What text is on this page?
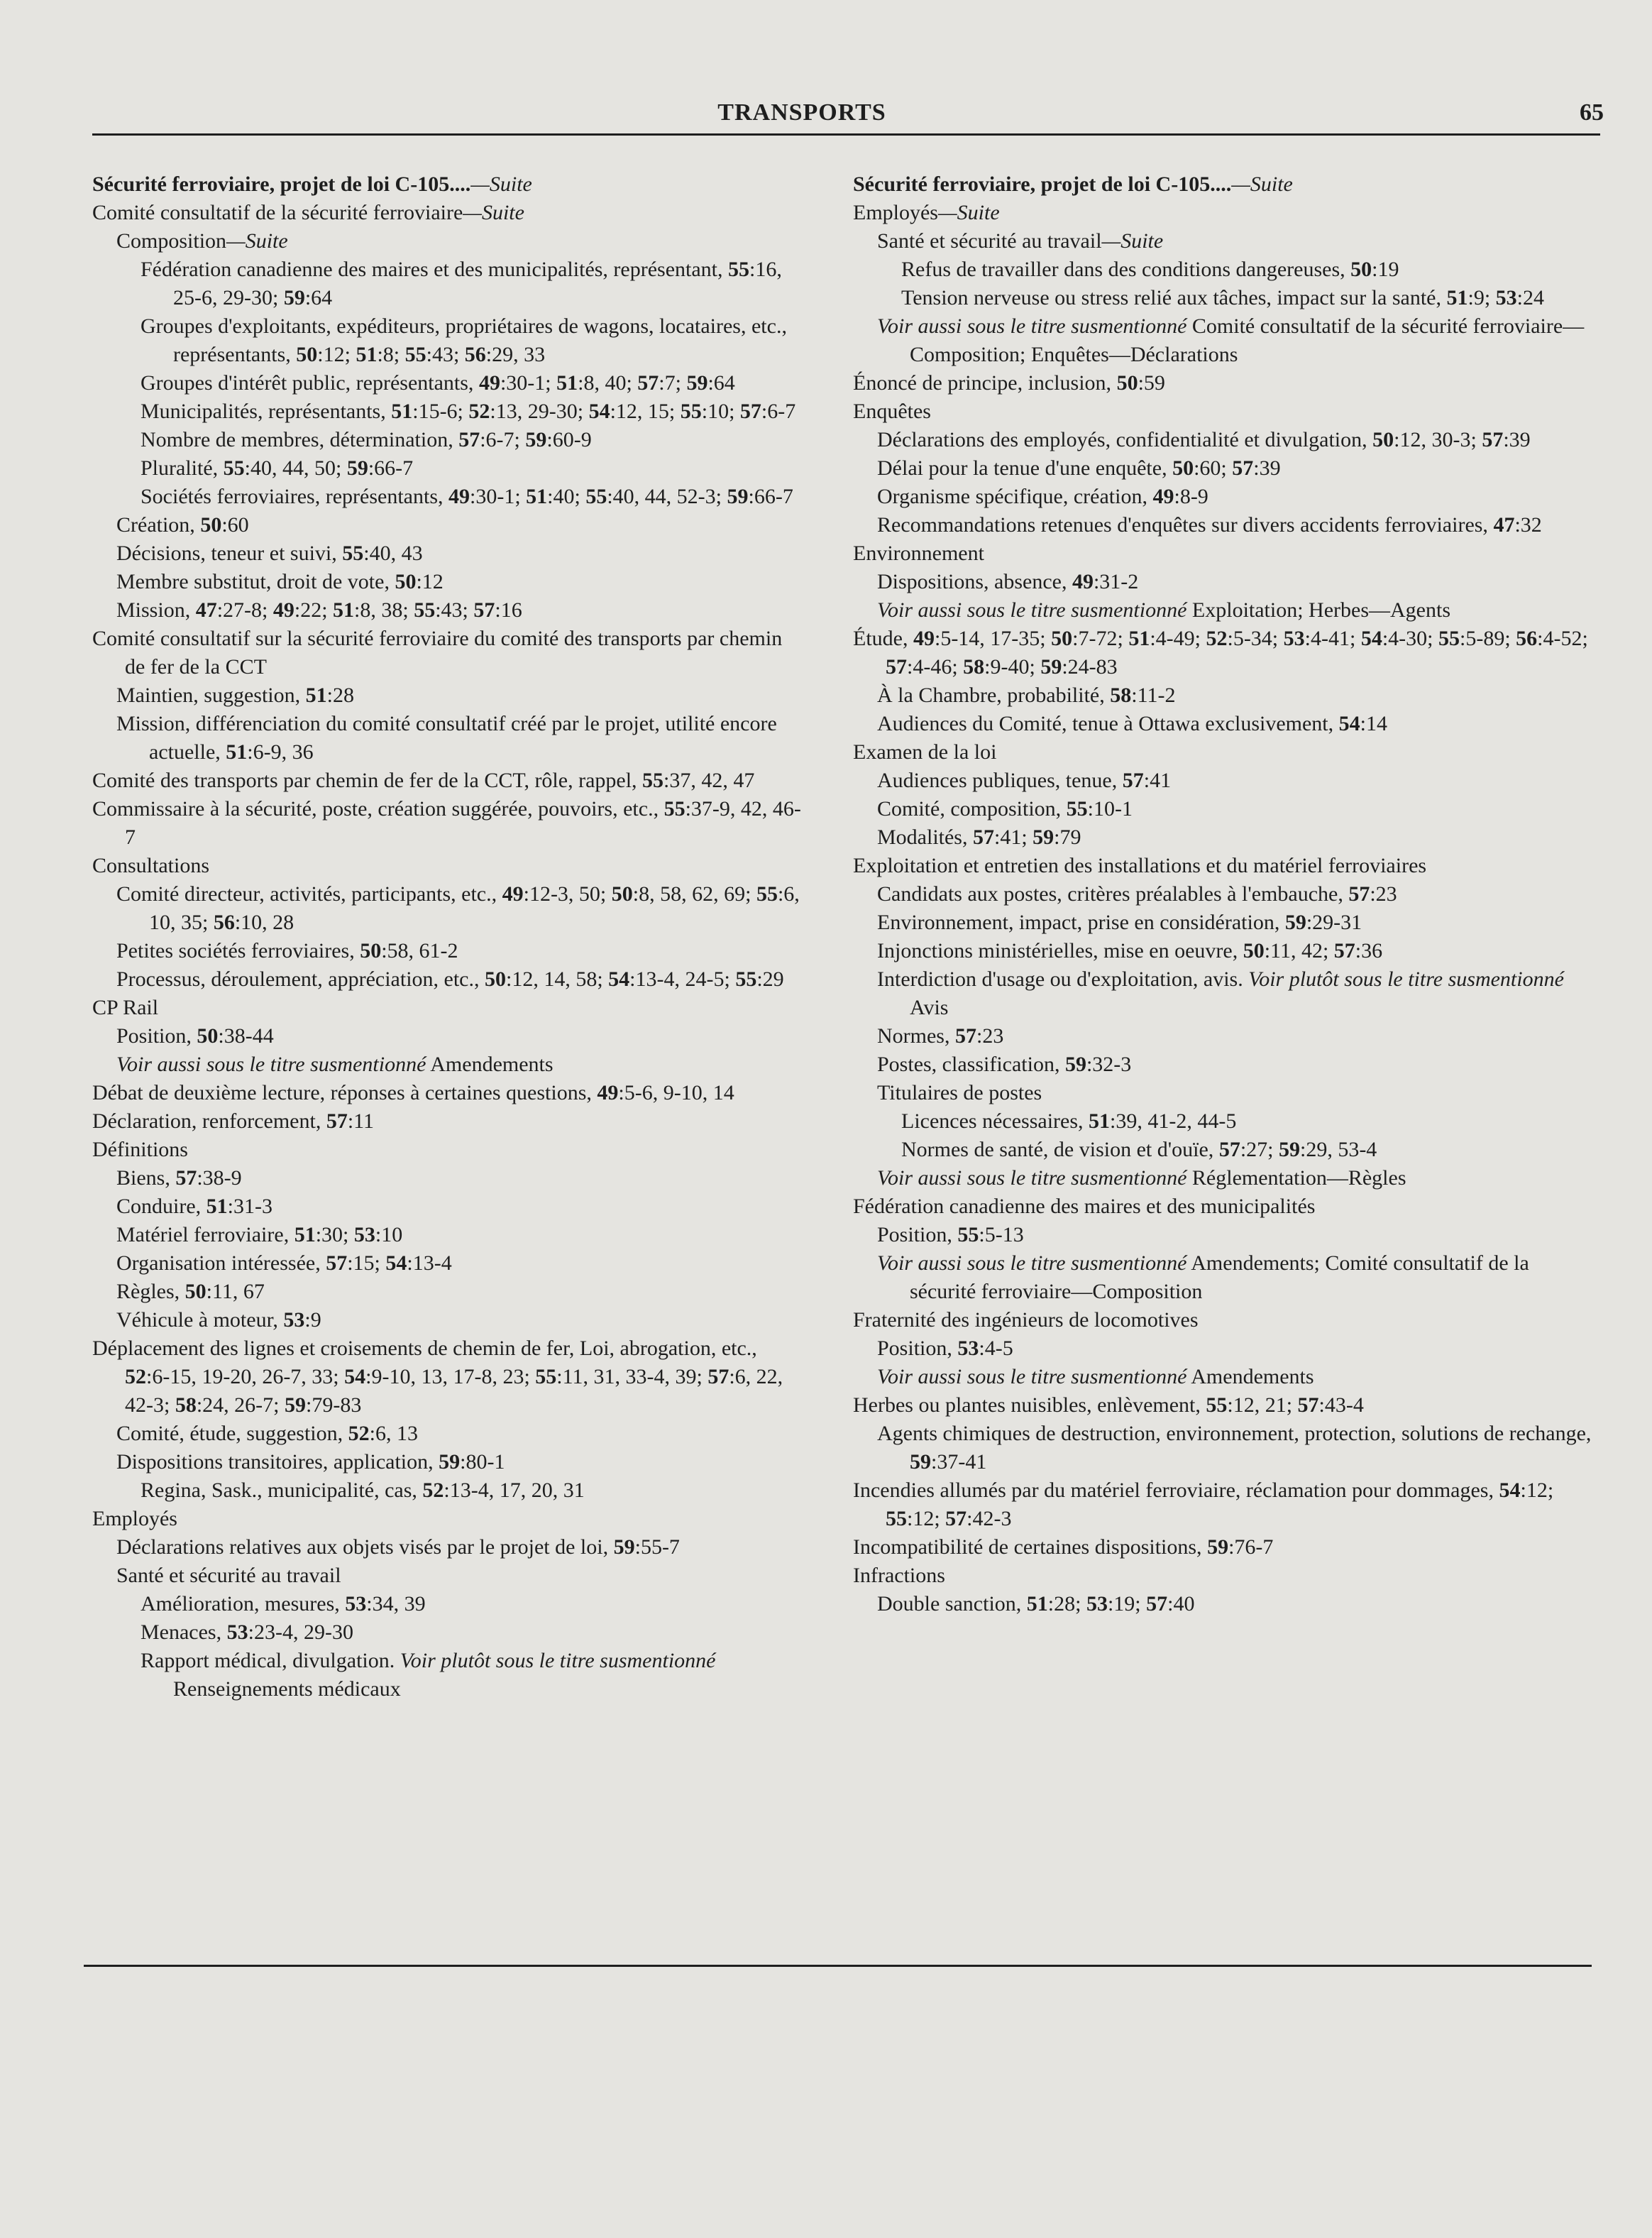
TRANSPORTS	65

Sécurité ferroviaire, projet de loi C-105....—Suite

Comité consultatif de la sécurité ferroviaire—Suite

Composition—Suite

Fédération canadienne des maires et des municipalités, représentant, 55:16, 25-6, 29-30; 59:64

Groupes d'exploitants, expéditeurs, propriétaires de wagons, locataires, etc., représentants, 50:12; 51:8; 55:43; 56:29, 33

Groupes d'intérêt public, représentants, 49:30-1; 51:8, 40; 57:7; 59:64

Municipalités, représentants, 51:15-6; 52:13, 29-30; 54:12, 15; 55:10; 57:6-7

Nombre de membres, détermination, 57:6-7; 59:60-9

Pluralité, 55:40, 44, 50; 59:66-7

Sociétés ferroviaires, représentants, 49:30-1; 51:40; 55:40, 44, 52-3; 59:66-7

Création, 50:60

Décisions, teneur et suivi, 55:40, 43

Membre substitut, droit de vote, 50:12

Mission, 47:27-8; 49:22; 51:8, 38; 55:43; 57:16

Comité consultatif sur la sécurité ferroviaire du comité des transports par chemin de fer de la CCT

Maintien, suggestion, 51:28

Mission, différenciation du comité consultatif créé par le projet, utilité encore actuelle, 51:6-9, 36

Comité des transports par chemin de fer de la CCT, rôle, rappel, 55:37, 42, 47

Commissaire à la sécurité, poste, création suggérée, pouvoirs, etc., 55:37-9, 42, 46-7

Consultations

Comité directeur, activités, participants, etc., 49:12-3, 50; 50:8, 58, 62, 69; 55:6, 10, 35; 56:10, 28

Petites sociétés ferroviaires, 50:58, 61-2

Processus, déroulement, appréciation, etc., 50:12, 14, 58; 54:13-4, 24-5; 55:29

CP Rail

Position, 50:38-44

Voir aussi sous le titre susmentionné Amendements

Débat de deuxième lecture, réponses à certaines questions, 49:5-6, 9-10, 14

Déclaration, renforcement, 57:11

Définitions

Biens, 57:38-9

Conduire, 51:31-3

Matériel ferroviaire, 51:30; 53:10

Organisation intéressée, 57:15; 54:13-4

Règles, 50:11, 67

Véhicule à moteur, 53:9

Déplacement des lignes et croisements de chemin de fer, Loi, abrogation, etc., 52:6-15, 19-20, 26-7, 33; 54:9-10, 13, 17-8, 23; 55:11, 31, 33-4, 39; 57:6, 22, 42-3; 58:24, 26-7; 59:79-83

Comité, étude, suggestion, 52:6, 13

Dispositions transitoires, application, 59:80-1

Regina, Sask., municipalité, cas, 52:13-4, 17, 20, 31

Employés

Déclarations relatives aux objets visés par le projet de loi, 59:55-7

Santé et sécurité au travail

Amélioration, mesures, 53:34, 39

Menaces, 53:23-4, 29-30

Rapport médical, divulgation. Voir plutôt sous le titre susmentionné Renseignements médicaux

Sécurité ferroviaire, projet de loi C-105....—Suite

Employés—Suite

Santé et sécurité au travail—Suite

Refus de travailler dans des conditions dangereuses, 50:19

Tension nerveuse ou stress relié aux tâches, impact sur la santé, 51:9; 53:24

Voir aussi sous le titre susmentionné Comité consultatif de la sécurité ferroviaire—Composition; Enquêtes—Déclarations

Énoncé de principe, inclusion, 50:59

Enquêtes

Déclarations des employés, confidentialité et divulgation, 50:12, 30-3; 57:39

Délai pour la tenue d'une enquête, 50:60; 57:39

Organisme spécifique, création, 49:8-9

Recommandations retenues d'enquêtes sur divers accidents ferroviaires, 47:32

Environnement

Dispositions, absence, 49:31-2

Voir aussi sous le titre susmentionné Exploitation; Herbes—Agents

Étude, 49:5-14, 17-35; 50:7-72; 51:4-49; 52:5-34; 53:4-41; 54:4-30; 55:5-89; 56:4-52; 57:4-46; 58:9-40; 59:24-83

À la Chambre, probabilité, 58:11-2

Audiences du Comité, tenue à Ottawa exclusivement, 54:14

Examen de la loi

Audiences publiques, tenue, 57:41

Comité, composition, 55:10-1

Modalités, 57:41; 59:79

Exploitation et entretien des installations et du matériel ferroviaires

Candidats aux postes, critères préalables à l'embauche, 57:23

Environnement, impact, prise en considération, 59:29-31

Injonctions ministérielles, mise en oeuvre, 50:11, 42; 57:36

Interdiction d'usage ou d'exploitation, avis. Voir plutôt sous le titre susmentionné Avis

Normes, 57:23

Postes, classification, 59:32-3

Titulaires de postes

Licences nécessaires, 51:39, 41-2, 44-5

Normes de santé, de vision et d'ouïe, 57:27; 59:29, 53-4

Voir aussi sous le titre susmentionné Réglementation—Règles

Fédération canadienne des maires et des municipalités

Position, 55:5-13

Voir aussi sous le titre susmentionné Amendements; Comité consultatif de la sécurité ferroviaire—Composition

Fraternité des ingénieurs de locomotives

Position, 53:4-5

Voir aussi sous le titre susmentionné Amendements

Herbes ou plantes nuisibles, enlèvement, 55:12, 21; 57:43-4

Agents chimiques de destruction, environnement, protection, solutions de rechange, 59:37-41

Incendies allumés par du matériel ferroviaire, réclamation pour dommages, 54:12; 55:12; 57:42-3

Incompatibilité de certaines dispositions, 59:76-7

Infractions

Double sanction, 51:28; 53:19; 57:40
